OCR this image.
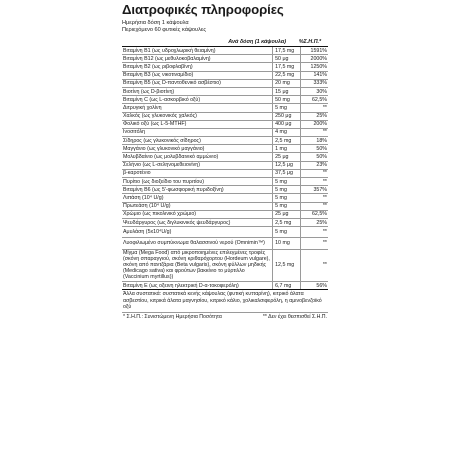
Διατροφικές πληροφορίες
Ημερήσια δόση 1 κάψουλα
Περιεχόμενο 60 φυτικές κάψουλες
Ανά δόση (1 κάψουλα)	%Σ.Η.Π.*
Βιταμίνη Β1 (ως υδροχλωρική θειαμίνη)	17,5 mg	1591%
Βιταμίνη Β12 (ως μεθυλοκοβαλαμίνη)	50 μg	2000%
Βιταμίνη Β2 (ως ριβοφλαβίνη)	17,5 mg	1250%
Βιταμίνη Β3 (ως νικοτιναμίδιο)	22,5 mg	141%
Βιταμίνη Β5 (ως D-παντοθενικό ασβέστιο)	20 mg	333%
Βιοτίνη (ως D-βιοτίνη)	15 μg	30%
Βιταμίνη C (ως L-ασκορβικό οξύ)	50 mg	62,5%
Διτρυγική χολίνη	5 mg	**
Χαλκός (ως γλυκονικός χαλκός)	250 μg	25%
Φολικό οξύ (ως L-5-MTHF)	400 μg	200%
Ινοσιτόλη	4 mg	**
Σίδηρος (ως γλυκονικός σίδηρος)	2,5 mg	18%
Μαγγάνιο (ως γλυκονικό μαγγάνιο)	1 mg	50%
Μολυβδαίνιο (ως μολυβδαινικό αμμώνιο)	25 μg	50%
Σελήνιο (ως L-σεληνομεθειονίνη)	12,5 μg	23%
β-καροτένιο	37,5 μg	**
Πυρίτιο (ως διοξείδιο του πυριτίου)	5 mg	**
Βιταμίνη Β6 (ως 5'-φωσφορική πυριδοξίνη)	5 mg	357%
Λιπάση (10⁴ U/g)	5 mg	**
Πρωτεάση (10⁴ U/g)	5 mg	**
Χρώμιο (ως πικολινικό χρώμιο)	25 μg	62,5%
Ψευδάργυρος (ως διγλυκινικός ψευδάργυρος)	2,5 mg	25%
Αμυλάση (5x10⁴U/g)	5 mg	**
Λυοφιλιωμένο συμπύκνωμα θαλασσινού νερού (Omnimin™)	10 mg	**
Μίγμα (Mega Food) από μικροποιημένες επιλεγμένες τροφές (σκόνη σπαραγγιού, σκόνη κριθαρόχορτου (Hordeum vulgare), σκόνη από παντζάρια (Beta vulgaris), σκόνη φύλλων μηδικής (Medicago sativa) και φρούτων βακκίνιο το μύρτιλλο (Vaccinium myrtillus))	12,5 mg	**
Βιταμίνη Ε (ως οξεινη ηλεκτρική D-α-τοκοφερόλη)	6,7 mg	56%
Άλλα συστατικά: συστατικά κενής κάψουλας (φυτική κυτταρίνη), κιτρικό άλατα ασβεστίου, κιτρικά άλατα μαγνησίου, κιτρικό κάλιο, χολικαλσιφερόλη, η αμινοβενζοϊκό οξύ
* Σ.Η.Π.: Συνιστώμενη Ημερήσια Ποσότητα	** Δεν έχει θεσπισθεί Σ.Η.Π.
